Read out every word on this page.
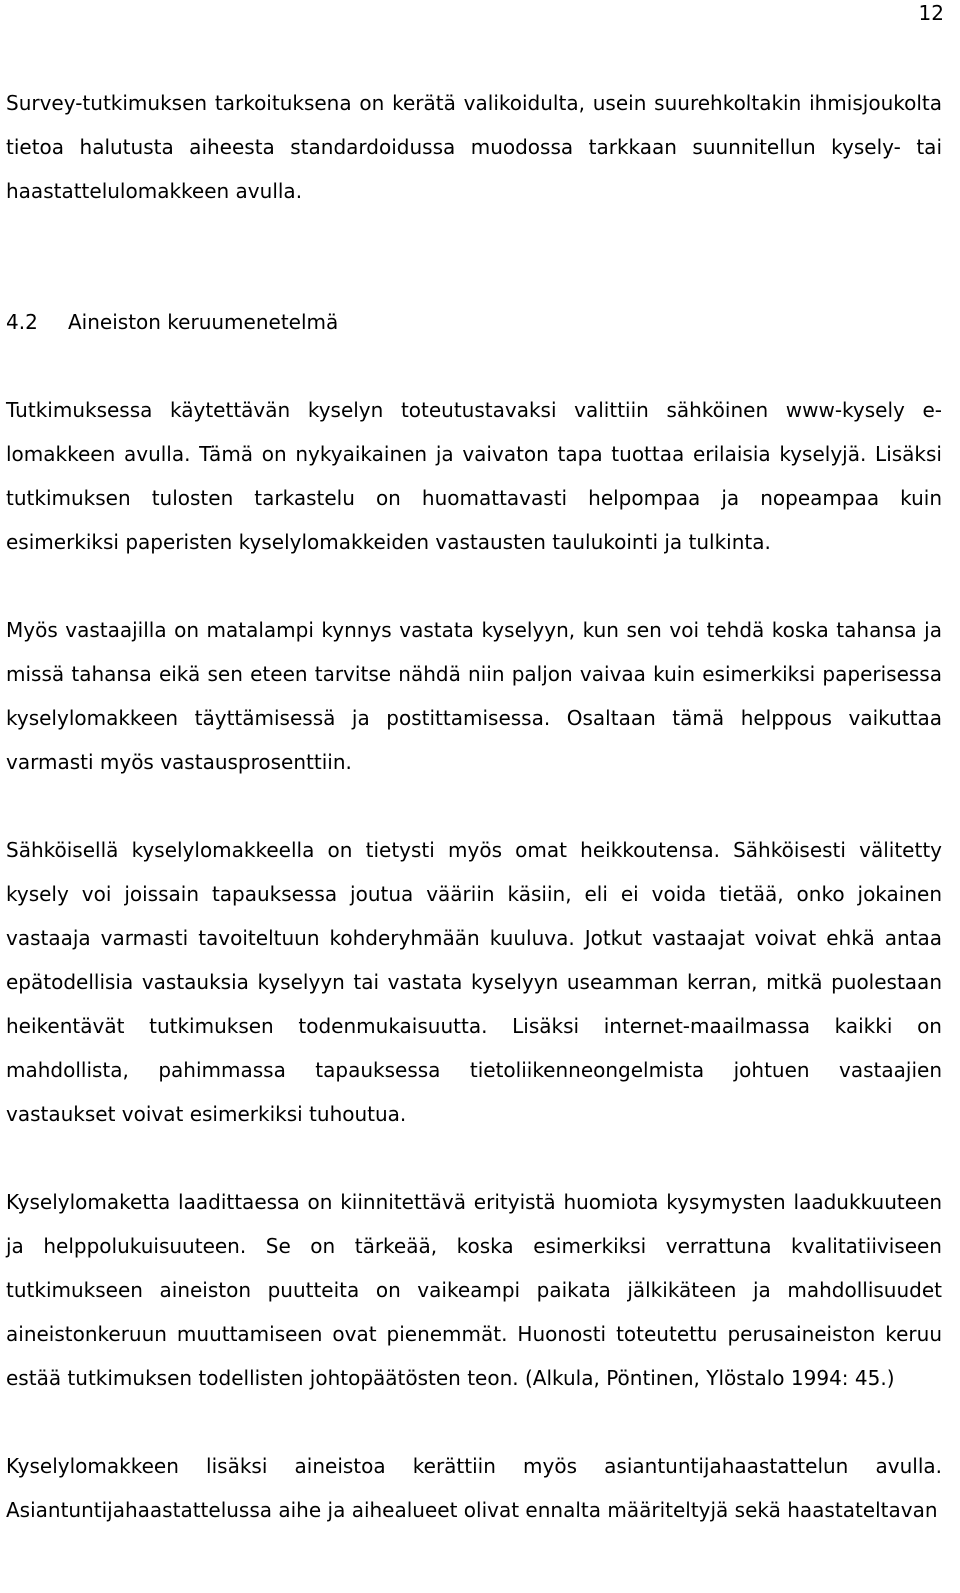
12

Survey-tutkimuksen tarkoituksena on kerätä valikoidulta, usein suurehkoltakin ihmisjoukolta tietoa halutusta aiheesta standardoidussa muodossa tarkkaan suunnitellun kysely- tai haastattelulomakkeen avulla.

4.2 Aineiston keruumenetelmä

Tutkimuksessa käytettävän kyselyn toteutustavaksi valittiin sähköinen www-kysely e-lomakkeen avulla. Tämä on nykyaikainen ja vaivaton tapa tuottaa erilaisia kyselyjä. Lisäksi tutkimuksen tulosten tarkastelu on huomattavasti helpompaa ja nopeampaa kuin esimerkiksi paperisten kyselylomakkeiden vastausten taulukointi ja tulkinta.

Myös vastaajilla on matalampi kynnys vastata kyselyyn, kun sen voi tehdä koska tahansa ja missä tahansa eikä sen eteen tarvitse nähdä niin paljon vaivaa kuin esimerkiksi paperisessa kyselylomakkeen täyttämisessä ja postittamisessa. Osaltaan tämä helppous vaikuttaa varmasti myös vastausprosenttiin.

Sähköisellä kyselylomakkeella on tietysti myös omat heikkoutensa. Sähköisesti välitetty kysely voi joissain tapauksessa joutua vääriin käsiin, eli ei voida tietää, onko jokainen vastaaja varmasti tavoiteltuun kohderyhmään kuuluva. Jotkut vastaajat voivat ehkä antaa epätodellisia vastauksia kyselyyn tai vastata kyselyyn useamman kerran, mitkä puolestaan heikentävät tutkimuksen todenmukaisuutta. Lisäksi internet-maailmassa kaikki on mahdollista, pahimmassa tapauksessa tietoliikenneongelmista johtuen vastaajien vastaukset voivat esimerkiksi tuhoutua.

Kyselylomaketta laadittaessa on kiinnitettävä erityistä huomiota kysymysten laadukkuuteen ja helppolukuisuuteen. Se on tärkeää, koska esimerkiksi verrattuna kvalitatiiviseen tutkimukseen aineiston puutteita on vaikeampi paikata jälkikäteen ja mahdollisuudet aineistonkeruun muuttamiseen ovat pienemmät. Huonosti toteutettu perusaineiston keruu estää tutkimuksen todellisten johtopäätösten teon. (Alkula, Pöntinen, Ylöstalo 1994: 45.)

Kyselylomakkeen lisäksi aineistoa kerättiin myös asiantuntijahaastattelun avulla. Asiantuntijahaastattelussa aihe ja aihealueet olivat ennalta määriteltyjä sekä haastateltavan
